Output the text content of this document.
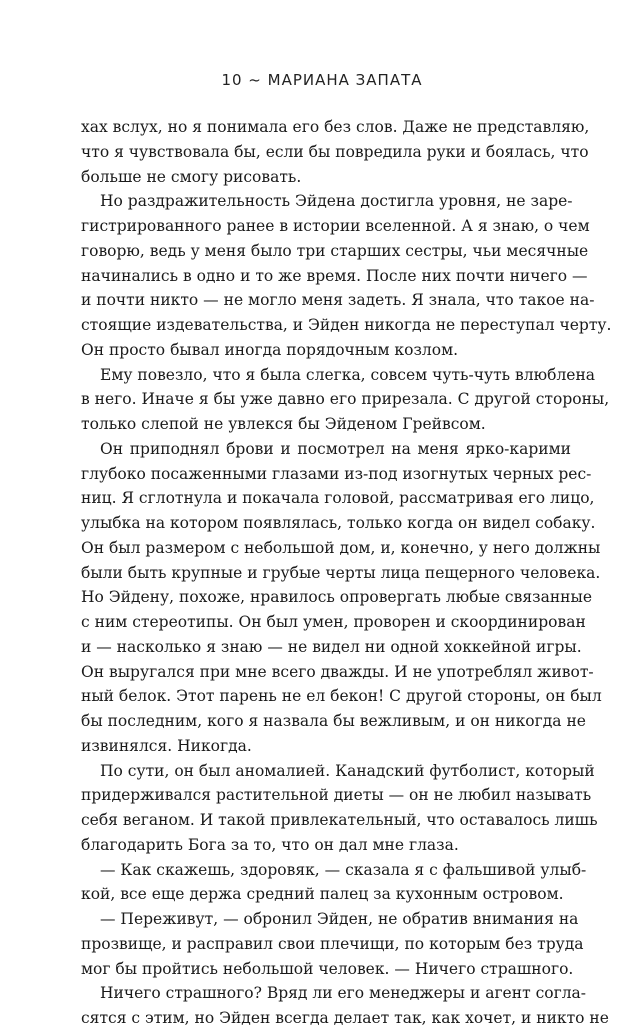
10 ~ МАРИАНА ЗАПАТА
хах вслух, но я понимала его без слов. Даже не представляю,
что я чувствовала бы, если бы повредила руки и боялась, что
больше не смогу рисовать.
Но раздражительность Эйдена достигла уровня, не заре-
гистрированного ранее в истории вселенной. А я знаю, о чем
говорю, ведь у меня было три старших сестры, чьи месячные
начинались в одно и то же время. После них почти ничего —
и почти никто — не могло меня задеть. Я знала, что такое на-
стоящие издевательства, и Эйден никогда не переступал черту.
Он просто бывал иногда порядочным козлом.
Ему повезло, что я была слегка, совсем чуть-чуть влюблена
в него. Иначе я бы уже давно его прирезала. С другой стороны,
только слепой не увлекся бы Эйденом Грейвсом.
Он приподнял брови и посмотрел на меня ярко-карими
глубоко посаженными глазами из-под изогнутых черных рес-
ниц. Я сглотнула и покачала головой, рассматривая его лицо,
улыбка на котором появлялась, только когда он видел собаку.
Он был размером с небольшой дом, и, конечно, у него должны
были быть крупные и грубые черты лица пещерного человека.
Но Эйдену, похоже, нравилось опровергать любые связанные
с ним стереотипы. Он был умен, проворен и скоординирован
и — насколько я знаю — не видел ни одной хоккейной игры.
Он выругался при мне всего дважды. И не употреблял живот-
ный белок. Этот парень не ел бекон! С другой стороны, он был
бы последним, кого я назвала бы вежливым, и он никогда не
извинялся. Никогда.
По сути, он был аномалией. Канадский футболист, который
придерживался растительной диеты — он не любил называть
себя веганом. И такой привлекательный, что оставалось лишь
благодарить Бога за то, что он дал мне глаза.
— Как скажешь, здоровяк, — сказала я с фальшивой улыб-
кой, все еще держа средний палец за кухонным островом.
— Переживут, — обронил Эйден, не обратив внимания на
прозвище, и расправил свои плечищи, по которым без труда
мог бы пройтись небольшой человек. — Ничего страшного.
Ничего страшного? Вряд ли его менеджеры и агент согла-
сятся с этим, но Эйден всегда делает так, как хочет, и никто не
